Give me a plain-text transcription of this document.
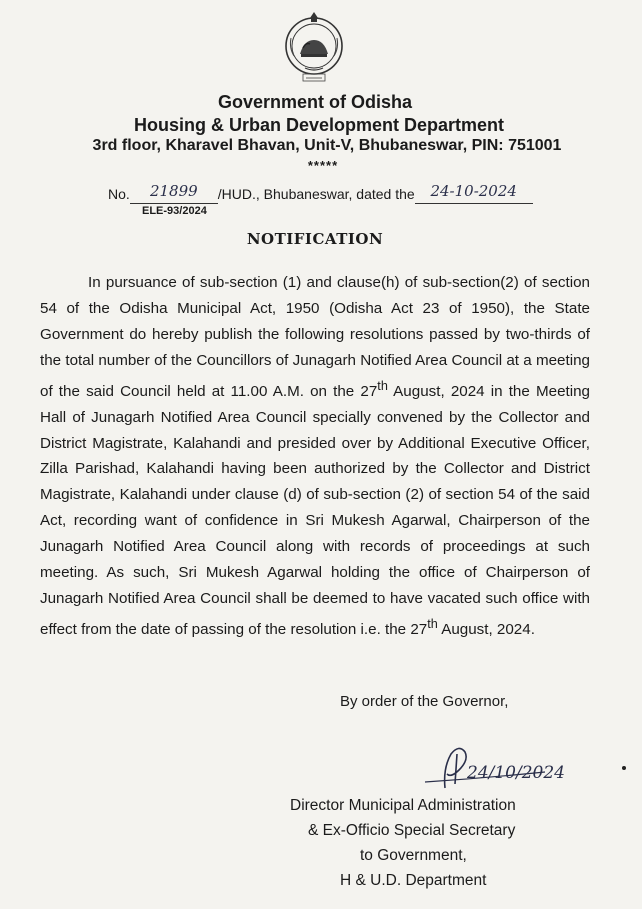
Government of Odisha
Housing & Urban Development Department
3rd floor, Kharavel Bhavan, Unit-V, Bhubaneswar, PIN: 751001
*****
No. 21899 /HUD., Bhubaneswar, dated the 24-10-2024
ELE-93/2024
NOTIFICATION

In pursuance of sub-section (1) and clause(h) of sub-section(2) of section 54 of the Odisha Municipal Act, 1950 (Odisha Act 23 of 1950), the State Government do hereby publish the following resolutions passed by two-thirds of the total number of the Councillors of Junagarh Notified Area Council at a meeting of the said Council held at 11.00 A.M. on the 27th August, 2024 in the Meeting Hall of Junagarh Notified Area Council specially convened by the Collector and District Magistrate, Kalahandi and presided over by Additional Executive Officer, Zilla Parishad, Kalahandi having been authorized by the Collector and District Magistrate, Kalahandi under clause (d) of sub-section (2) of section 54 of the said Act, recording want of confidence in Sri Mukesh Agarwal, Chairperson of the Junagarh Notified Area Council along with records of proceedings at such meeting. As such, Sri Mukesh Agarwal holding the office of Chairperson of Junagarh Notified Area Council shall be deemed to have vacated such office with effect from the date of passing of the resolution i.e. the 27th August, 2024.

By order of the Governor,
24/10/2024
Director Municipal Administration
& Ex-Officio Special Secretary
to Government,
H & U.D. Department
